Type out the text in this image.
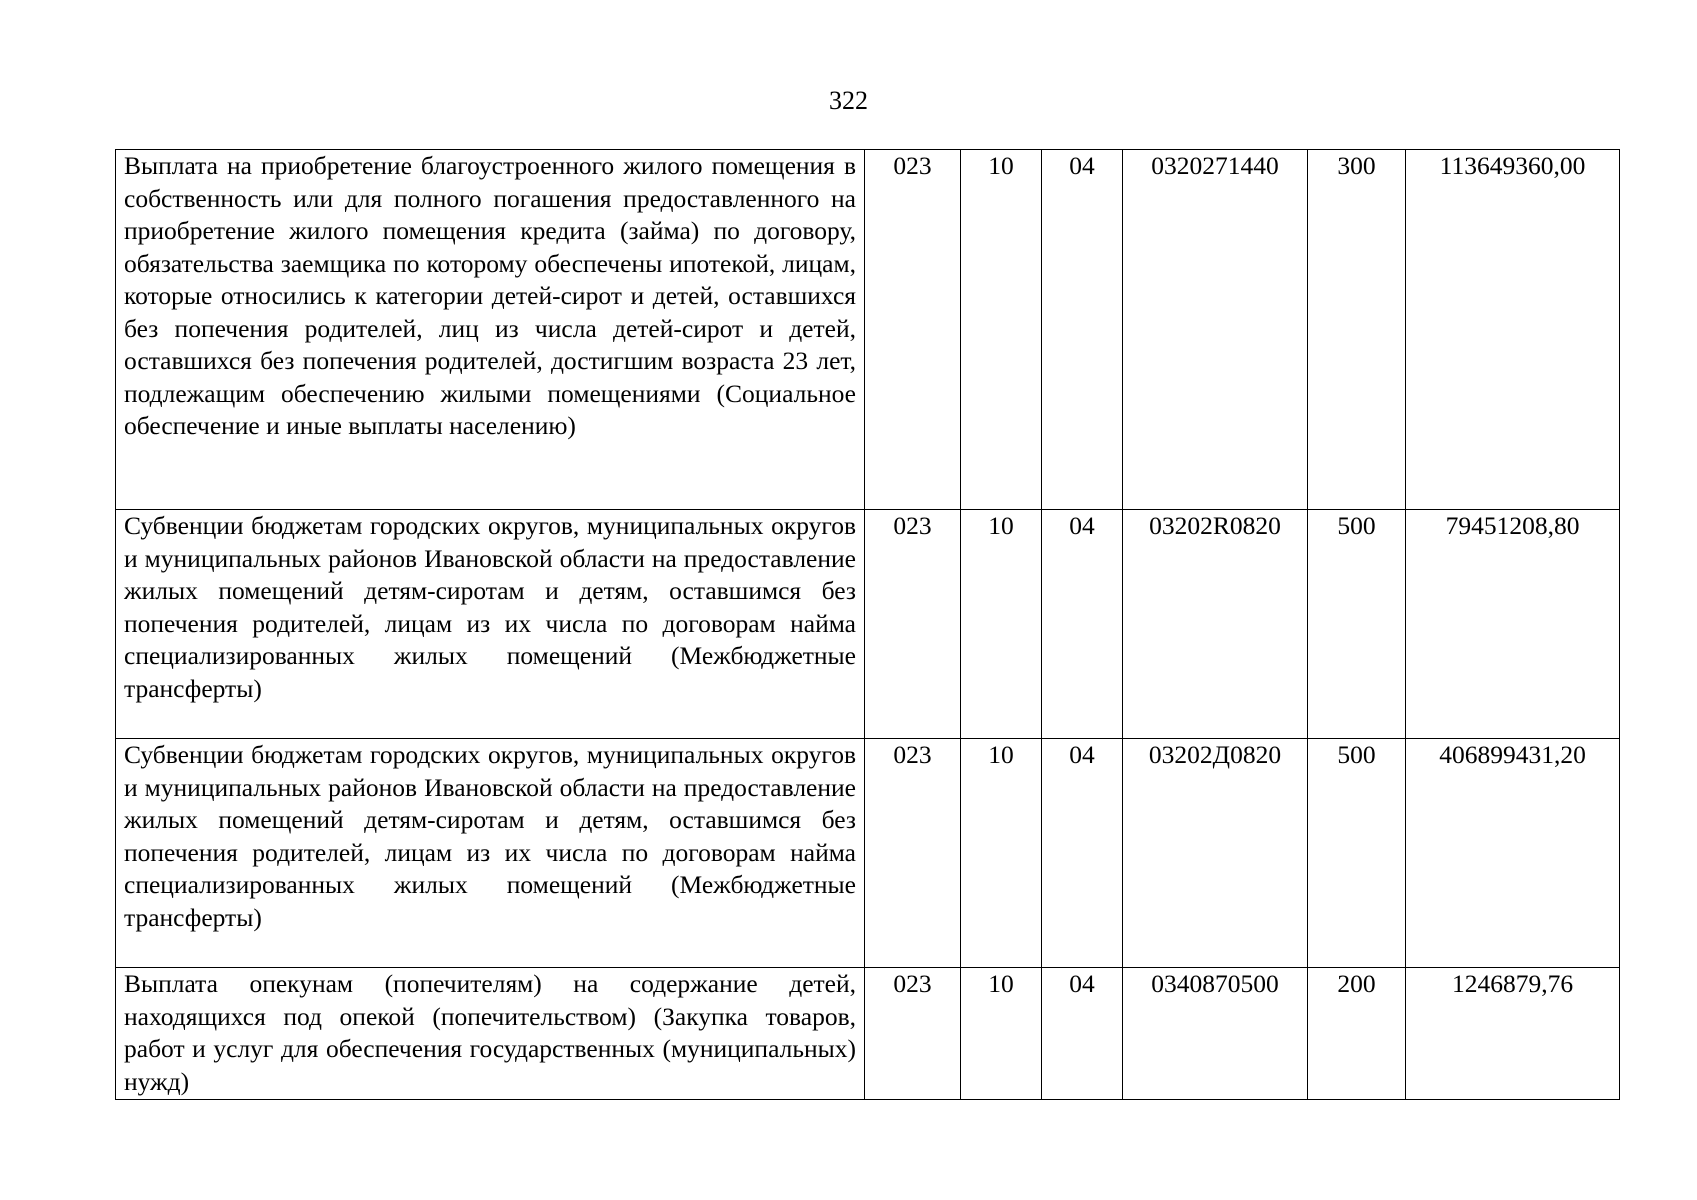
322
Выплата на приобретение благоустроенного жилого помещения в собственность или для полного погашения предоставленного на приобретение жилого помещения кредита (займа) по договору, обязательства заемщика по которому обеспечены ипотекой, лицам, которые относились к категории детей-сирот и детей, оставшихся без попечения родителей, лиц из числа детей-сирот и детей, оставшихся без попечения родителей, достигшим возраста 23 лет, подлежащим обеспечению жилыми помещениями (Социальное обеспечение и иные выплаты населению)	023	10	04	0320271440	300	113649360,00
Субвенции бюджетам городских округов, муниципальных округов и муниципальных районов Ивановской области на предоставление жилых помещений детям-сиротам и детям, оставшимся без попечения родителей, лицам из их числа по договорам найма специализированных жилых помещений (Межбюджетные трансферты)	023	10	04	03202R0820	500	79451208,80
Субвенции бюджетам городских округов, муниципальных округов и муниципальных районов Ивановской области на предоставление жилых помещений детям-сиротам и детям, оставшимся без попечения родителей, лицам из их числа по договорам найма специализированных жилых помещений (Межбюджетные трансферты)	023	10	04	03202Д0820	500	406899431,20
Выплата опекунам (попечителям) на содержание детей, находящихся под опекой (попечительством) (Закупка товаров, работ и услуг для обеспечения государственных (муниципальных) нужд)	023	10	04	0340870500	200	1246879,76
